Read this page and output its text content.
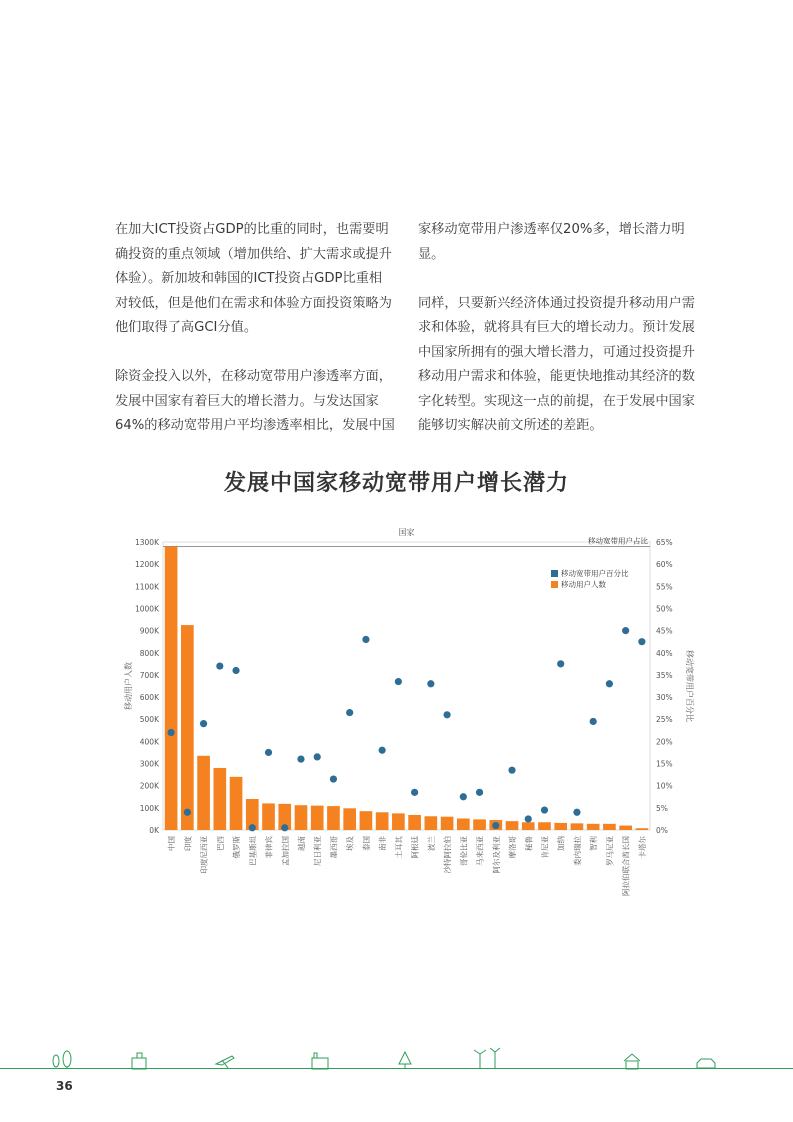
在加大ICT投资占GDP的比重的同时，也需要明确投资的重点领域（增加供给、扩大需求或提升体验）。新加坡和韩国的ICT投资占GDP比重相对较低，但是他们在需求和体验方面投资策略为他们取得了高GCI分值。

除资金投入以外，在移动宽带用户渗透率方面，发展中国家有着巨大的增长潜力。与发达国家64%的移动宽带用户平均渗透率相比，发展中国

家移动宽带用户渗透率仅20%多，增长潜力明显。

同样，只要新兴经济体通过投资提升移动用户需求和体验，就将具有巨大的增长动力。预计发展中国家所拥有的强大增长潜力，可通过投资提升移动用户需求和体验，能更快地推动其经济的数字化转型。实现这一点的前提，在于发展中国家能够切实解决前文所述的差距。

发展中国家移动宽带用户增长潜力
国家
0K
100K
200K
300K
400K
500K
600K
700K
800K
900K
1000K
1100K
1200K
1300K
0%
5%
10%
15%
20%
25%
30%
35%
40%
45%
50%
55%
60%
65%
移动用户人数	移动宽带用户百分比
移动宽带用户占比
中国 印度 印度尼西亚 巴西 俄罗斯 巴基斯坦 菲律宾 孟加拉国 越南 尼日利亚 墨西哥 埃及 泰国 南非 土耳其 阿根廷 波兰 沙特阿拉伯 哥伦比亚 马来西亚 阿尔及利亚 摩洛哥 秘鲁 肯尼亚 加纳 委内瑞拉 智利 罗马尼亚 阿拉伯联合酋长国 卡塔尔
移动宽带用户百分比
移动用户人数
36
